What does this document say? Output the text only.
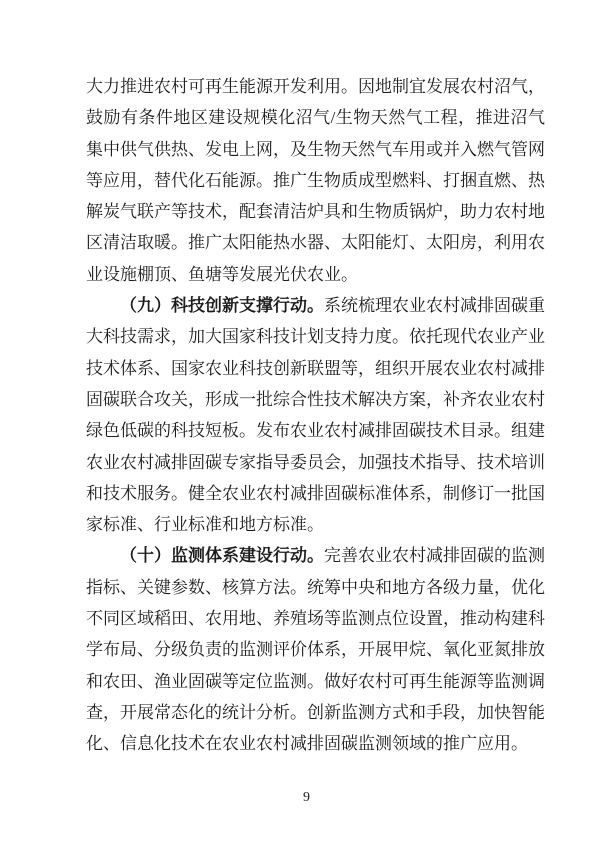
大力推进农村可再生能源开发利用。因地制宜发展农村沼气，鼓励有条件地区建设规模化沼气/生物天然气工程，推进沼气集中供气供热、发电上网，及生物天然气车用或并入燃气管网等应用，替代化石能源。推广生物质成型燃料、打捆直燃、热解炭气联产等技术，配套清洁炉具和生物质锅炉，助力农村地区清洁取暖。推广太阳能热水器、太阳能灯、太阳房，利用农业设施棚顶、鱼塘等发展光伏农业。

（九）科技创新支撑行动。系统梳理农业农村减排固碳重大科技需求，加大国家科技计划支持力度。依托现代农业产业技术体系、国家农业科技创新联盟等，组织开展农业农村减排固碳联合攻关，形成一批综合性技术解决方案，补齐农业农村绿色低碳的科技短板。发布农业农村减排固碳技术目录。组建农业农村减排固碳专家指导委员会，加强技术指导、技术培训和技术服务。健全农业农村减排固碳标准体系，制修订一批国家标准、行业标准和地方标准。

（十）监测体系建设行动。完善农业农村减排固碳的监测指标、关键参数、核算方法。统筹中央和地方各级力量，优化不同区域稻田、农用地、养殖场等监测点位设置，推动构建科学布局、分级负责的监测评价体系，开展甲烷、氧化亚氮排放和农田、渔业固碳等定位监测。做好农村可再生能源等监测调查，开展常态化的统计分析。创新监测方式和手段，加快智能化、信息化技术在农业农村减排固碳监测领域的推广应用。

9
